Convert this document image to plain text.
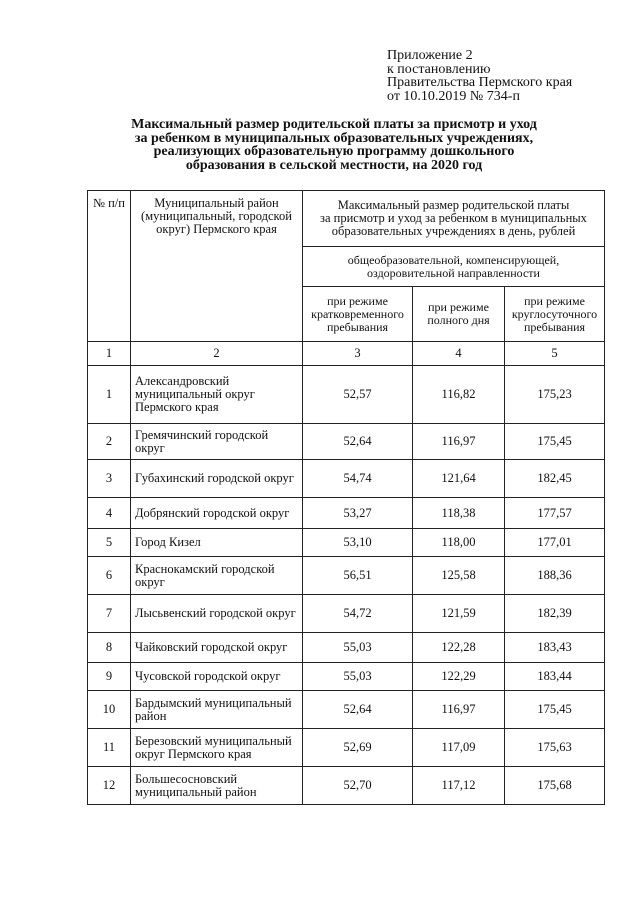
Приложение 2
к постановлению
Правительства Пермского края
от 10.10.2019 № 734-п
Максимальный размер родительской платы за присмотр и уход
за ребенком в муниципальных образовательных учреждениях,
реализующих образовательную программу дошкольного
образования в сельской местности, на 2020 год
№ п/п	Муниципальный район (муниципальный, городской округ) Пермского края	Максимальный размер родительской платы
за присмотр и уход за ребенком в муниципальных
образовательных учреждениях в день, рублей		

		общеобразовательной, компенсирующей,
оздоровительной направленности		

		при режиме кратковременного пребывания	при режиме полного дня	при режиме круглосуточного пребывания
1	2	3	4	5
1	Александровский муниципальный округ Пермского края	52,57	116,82	175,23
2	Гремячинский городской округ	52,64	116,97	175,45
3	Губахинский городской округ	54,74	121,64	182,45
4	Добрянский городской округ	53,27	118,38	177,57
5	Город Кизел	53,10	118,00	177,01
6	Краснокамский городской округ	56,51	125,58	188,36
7	Лысьвенский городской округ	54,72	121,59	182,39
8	Чайковский городской округ	55,03	122,28	183,43
9	Чусовской городской округ	55,03	122,29	183,44
10	Бардымский муниципальный район	52,64	116,97	175,45
11	Березовский муниципальный округ Пермского края	52,69	117,09	175,63
12	Большесосновский муниципальный район	52,70	117,12	175,68
